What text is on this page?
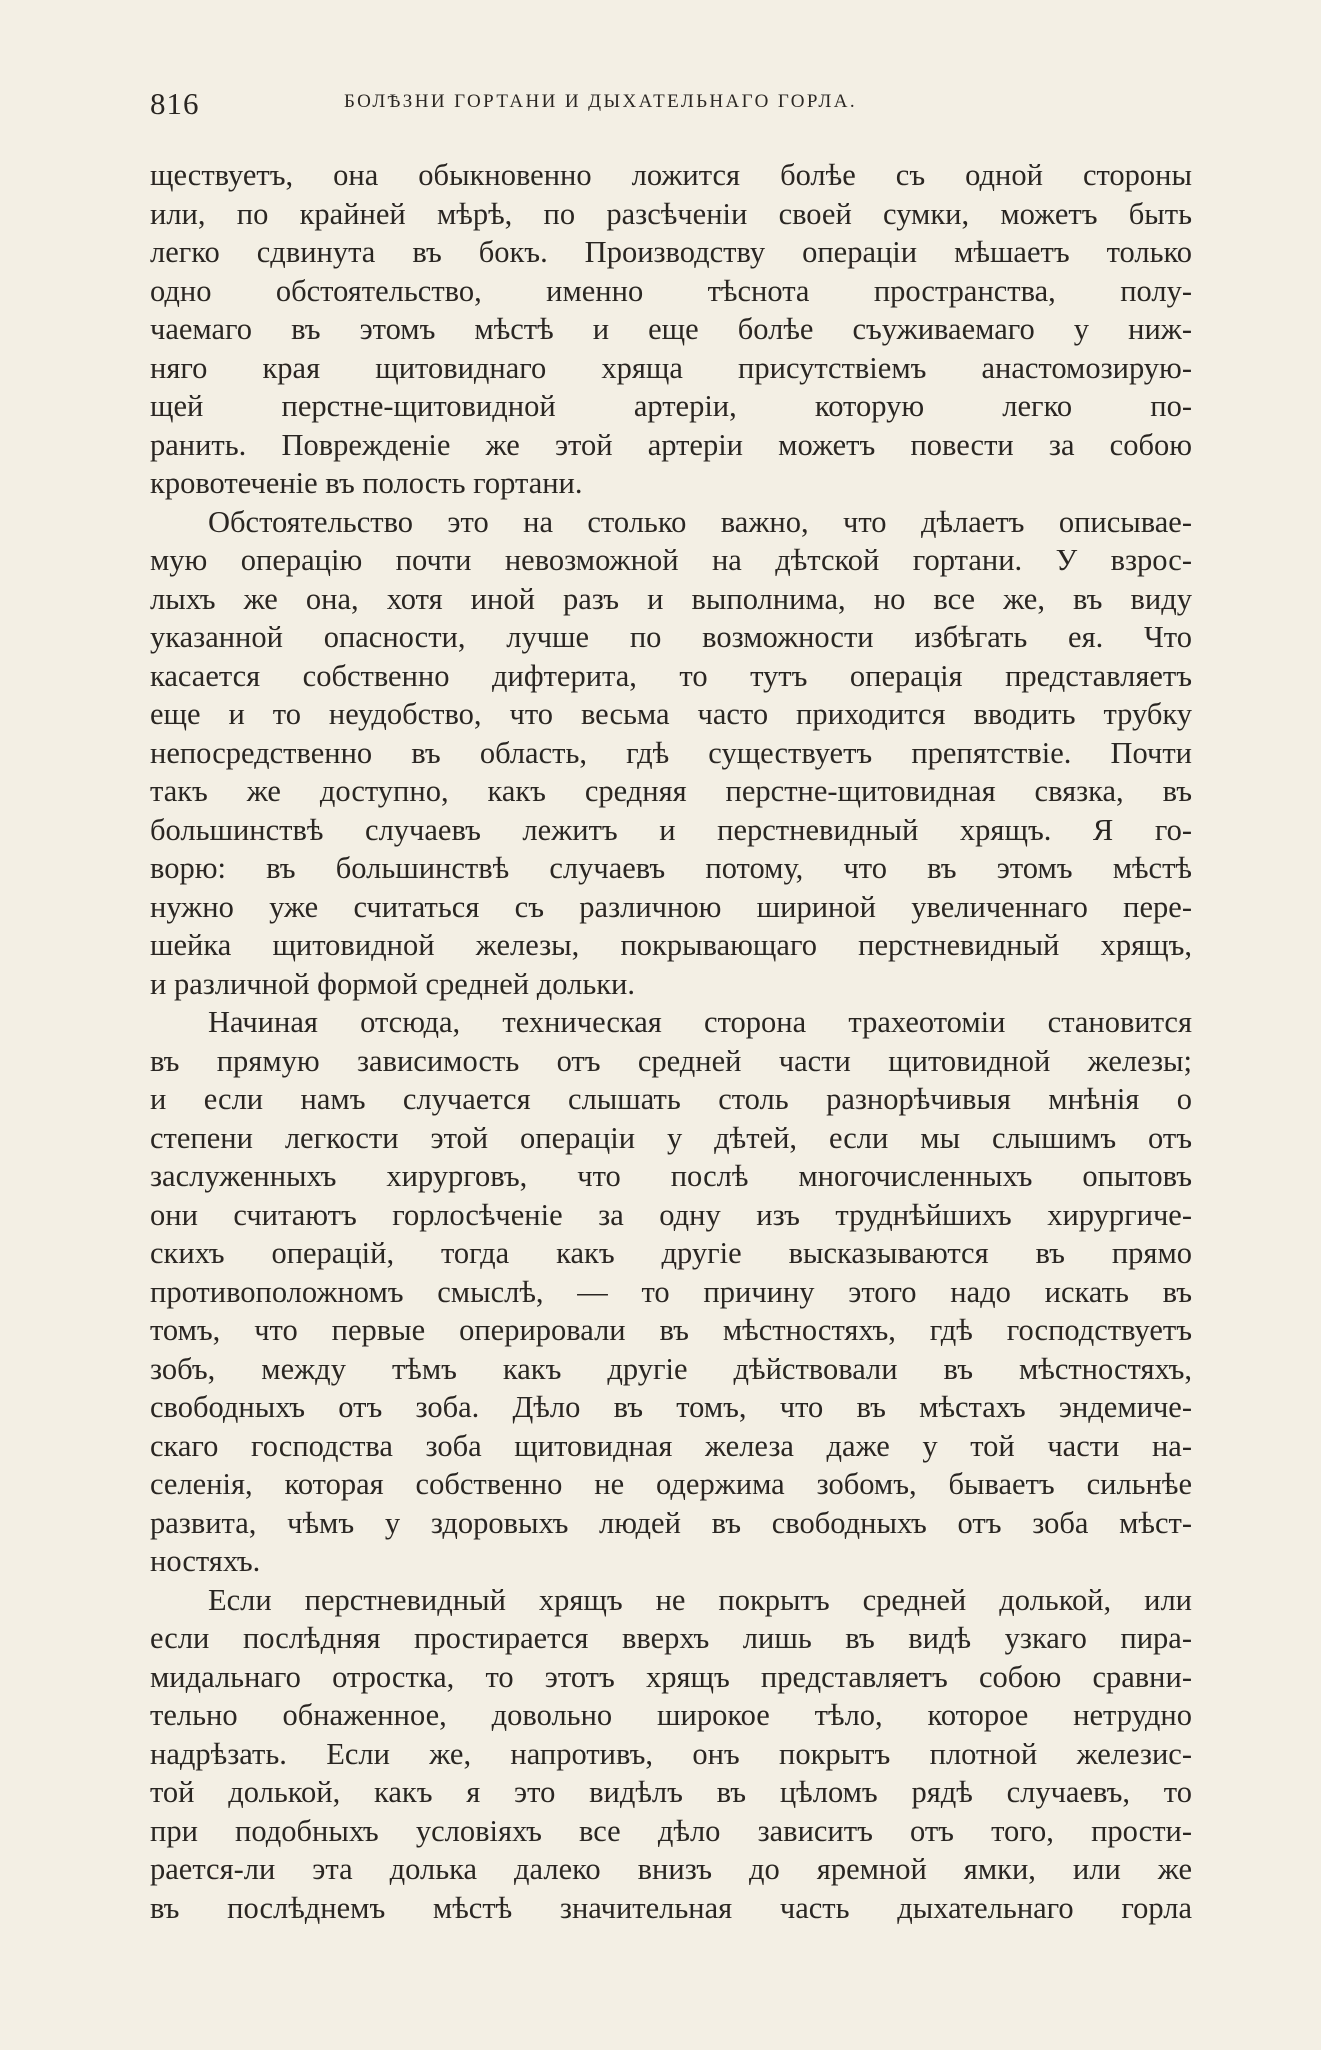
816	БОЛѢЗНИ ГОРТАНИ И ДЫХАТЕЛЬНАГО ГОРЛА.
ществуетъ, она обыкновенно ложится болѣе съ одной стороны
или, по крайней мѣрѣ, по разсѣченіи своей сумки, можетъ быть
легко сдвинута въ бокъ. Производству операціи мѣшаетъ только
одно обстоятельство, именно тѣснота пространства, полу-
чаемаго въ этомъ мѣстѣ и еще болѣе съуживаемаго у ниж-
няго края щитовиднаго хряща присутствіемъ анастомозирую-
щей перстне-щитовидной артеріи, которую легко по-
ранить. Поврежденіе же этой артеріи можетъ повести за собою
кровотеченіе въ полость гортани.
Обстоятельство это на столько важно, что дѣлаетъ описывае-
мую операцію почти невозможной на дѣтской гортани. У взрос-
лыхъ же она, хотя иной разъ и выполнима, но все же, въ виду
указанной опасности, лучше по возможности избѣгать ея. Что
касается собственно дифтерита, то тутъ операція представляетъ
еще и то неудобство, что весьма часто приходится вводить трубку
непосредственно въ область, гдѣ существуетъ препятствіе. Почти
такъ же доступно, какъ средняя перстне-щитовидная связка, въ
большинствѣ случаевъ лежитъ и перстневидный хрящъ. Я го-
ворю: въ большинствѣ случаевъ потому, что въ этомъ мѣстѣ
нужно уже считаться съ различною шириной увеличеннаго пере-
шейка щитовидной железы, покрывающаго перстневидный хрящъ,
и различной формой средней дольки.
Начиная отсюда, техническая сторона трахеотоміи становится
въ прямую зависимость отъ средней части щитовидной железы;
и если намъ случается слышать столь разнорѣчивыя мнѣнія о
степени легкости этой операціи у дѣтей, если мы слышимъ отъ
заслуженныхъ хирурговъ, что послѣ многочисленныхъ опытовъ
они считаютъ горлосѣченіе за одну изъ труднѣйшихъ хирургиче-
скихъ операцій, тогда какъ другіе высказываются въ прямо
противоположномъ смыслѣ, — то причину этого надо искать въ
томъ, что первые оперировали въ мѣстностяхъ, гдѣ господствуетъ
зобъ, между тѣмъ какъ другіе дѣйствовали въ мѣстностяхъ,
свободныхъ отъ зоба. Дѣло въ томъ, что въ мѣстахъ эндемиче-
скаго господства зоба щитовидная железа даже у той части на-
селенія, которая собственно не одержима зобомъ, бываетъ сильнѣе
развита, чѣмъ у здоровыхъ людей въ свободныхъ отъ зоба мѣст-
ностяхъ.
Если перстневидный хрящъ не покрытъ средней долькой, или
если послѣдняя простирается вверхъ лишь въ видѣ узкаго пира-
мидальнаго отростка, то этотъ хрящъ представляетъ собою сравни-
тельно обнаженное, довольно широкое тѣло, которое нетрудно
надрѣзать. Если же, напротивъ, онъ покрытъ плотной железис-
той долькой, какъ я это видѣлъ въ цѣломъ рядѣ случаевъ, то
при подобныхъ условіяхъ все дѣло зависитъ отъ того, прости-
рается-ли эта долька далеко внизъ до яремной ямки, или же
въ послѣднемъ мѣстѣ значительная часть дыхательнаго горла
